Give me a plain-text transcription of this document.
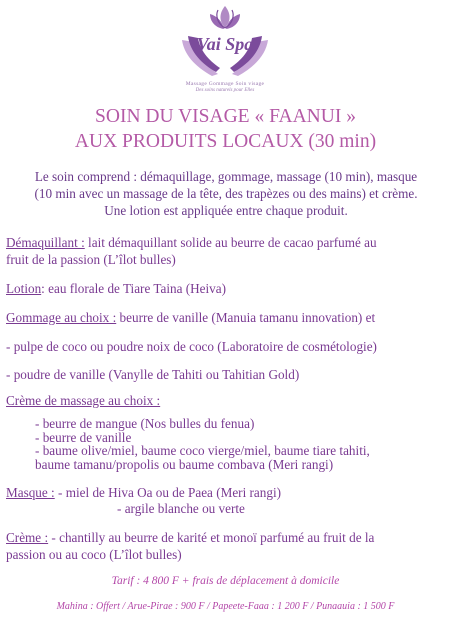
Vai Spa
Massage Gommage Soin visage
Des soins naturels pour Elles
SOIN DU VISAGE « FAANUI »
AUX PRODUITS LOCAUX (30 min)
Le soin comprend : démaquillage, gommage, massage (10 min), masque
(10 min avec un massage de la tête, des trapèzes ou des mains) et crème.
Une lotion est appliquée entre chaque produit.
Démaquillant : lait démaquillant solide au beurre de cacao parfumé au
fruit de la passion (L’îlot bulles)
Lotion: eau florale de Tiare Taina (Heiva)
Gommage au choix : beurre de vanille (Manuia tamanu innovation) et
- pulpe de coco ou poudre noix de coco (Laboratoire de cosmétologie)
- poudre de vanille (Vanylle de Tahiti ou Tahitian Gold)
Crème de massage au choix :
- beurre de mangue (Nos bulles du fenua)
- beurre de vanille
- baume olive/miel, baume coco vierge/miel, baume tiare tahiti,
baume tamanu/propolis ou baume combava (Meri rangi)
Masque : - miel de Hiva Oa ou de Paea (Meri rangi)
- argile blanche ou verte
Crème : - chantilly au beurre de karité et monoï parfumé au fruit de la
passion ou au coco (L’îlot bulles)
Tarif : 4 800 F + frais de déplacement à domicile
Mahina : Offert / Arue-Pirae : 900 F / Papeete-Faaa : 1 200 F / Punaauia : 1 500 F
